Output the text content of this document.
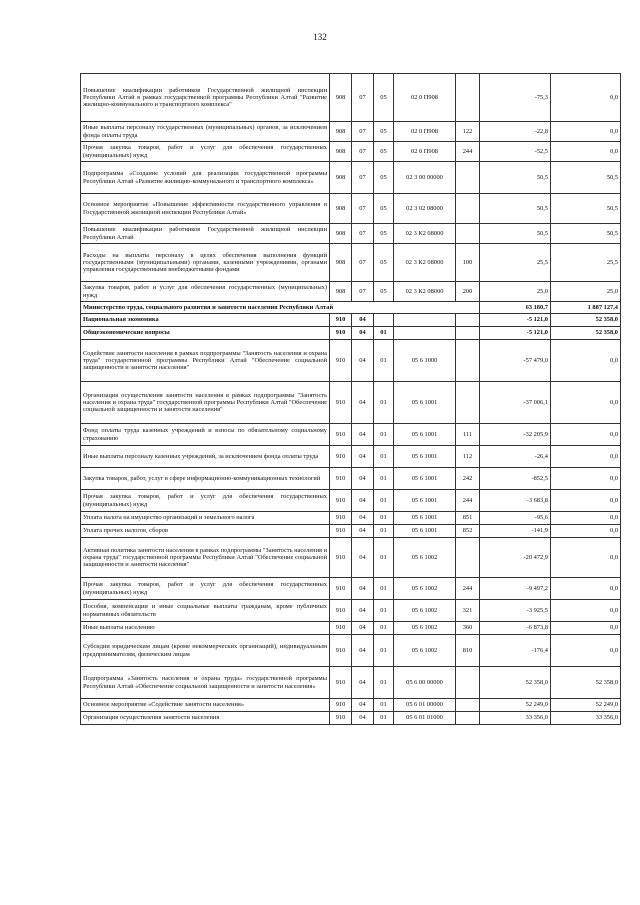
132
Повышение квалификации работников Государственной жилищной инспекции Республики Алтай в рамках государственной программы Республики Алтай "Развитие жилищно-коммунального и транспортного комплекса"	908	07	05	02 0 П908		-75,3	0,0
Иные выплаты персоналу государственных (муниципальных) органов, за исключением фонда оплаты труда	908	07	05	02 0 П908	122	-22,8	0,0
Прочая закупка товаров, работ и услуг для обеспечения государственных (муниципальных) нужд	908	07	05	02 0 П908	244	-52,5	0,0
Подпрограмма «Создание условий для реализации государственной программы Республики Алтай «Развитие жилищно-коммунального и транспортного комплекса»	908	07	05	02 3 00 00000		50,5	50,5
Основное мероприятие «Повышение эффективности государственного управления в Государственной жилищной инспекции Республики Алтай»	908	07	05	02 3 02 08000		50,5	50,5
Повышение квалификации работников Государственной жилищной инспекции Республики Алтай	908	07	05	02 3 К2 08000		50,5	50,5
Расходы на выплаты персоналу в целях обеспечения выполнения функций государственными (муниципальными) органами, казенными учреждениями, органами управления государственными внебюджетными фондами	908	07	05	02 3 К2 08000	100	25,5	25,5
Закупка товаров, работ и услуг для обеспечения государственных (муниципальных) нужд	908	07	05	02 3 К2 08000	200	25,0	25,0
Министерство труда, социального развития и занятости населения Республики Алтай						63 180,7	1 887 127,4
Национальная экономика	910	04				-5 121,0	52 358,0
Общеэкономические вопросы	910	04	01			-5 121,0	52 358,0
Содействие занятости населения в рамках подпрограммы "Занятость населения и охрана труда" государственной программы Республики Алтай "Обеспечение социальной защищенности и занятости населения"	910	04	01	05 6 1000		-57 479,0	0,0
Организация осуществления занятости населения в рамках подпрограммы "Занятость населения и охрана труда" государственной программы Республики Алтай "Обеспечение социальной защищенности и занятости населения"	910	04	01	05 6 1001		-37 006,1	0,0
Фонд оплаты труда казенных учреждений и взносы по обязательному социальному страхованию	910	04	01	05 6 1001	111	-32 205,9	0,0
Иные выплаты персоналу казенных учреждений, за исключением фонда оплаты труда	910	04	01	05 6 1001	112	-26,4	0,0
Закупка товаров, работ, услуг в сфере информационно-коммуникационных технологий	910	04	01	05 6 1001	242	-852,5	0,0
Прочая закупка товаров, работ и услуг для обеспечения государственных (муниципальных) нужд	910	04	01	05 6 1001	244	-3 683,8	0,0
Уплата налога на имущество организаций и земельного налога	910	04	01	05 6 1001	851	-95,6	0,0
Уплата прочих налогов, сборов	910	04	01	05 6 1001	852	-141,9	0,0
Активная политика занятости населения в рамках подпрограммы "Занятость населения и охрана труда" государственной программы Республики Алтай "Обеспечение социальной защищенности и занятости населения"	910	04	01	05 6 1002		-20 472,9	0,0
Прочая закупка товаров, работ и услуг для обеспечения государственных (муниципальных) нужд	910	04	01	05 6 1002	244	-9 497,2	0,0
Пособия, компенсации и иные социальные выплаты гражданам, кроме публичных нормативных обязательств	910	04	01	05 6 1002	321	-3 925,5	0,0
Иные выплаты населению	910	04	01	05 6 1002	360	-6 873,8	0,0
Субсидии юридическим лицам (кроме некоммерческих организаций), индивидуальным предпринимателям, физическим лицам	910	04	01	05 6 1002	810	-176,4	0,0
Подпрограмма «Занятость населения и охрана труда» государственной программы Республики Алтай «Обеспечение социальной защищенности и занятости населения»	910	04	01	05 6 00 00000		52 358,0	52 358,0
Основное мероприятие «Содействие занятости населения»	910	04	01	05 6 01 00000		52 249,0	52 249,0
Организация осуществления занятости населения	910	04	01	05 6 01 01000		33 356,0	33 356,0
